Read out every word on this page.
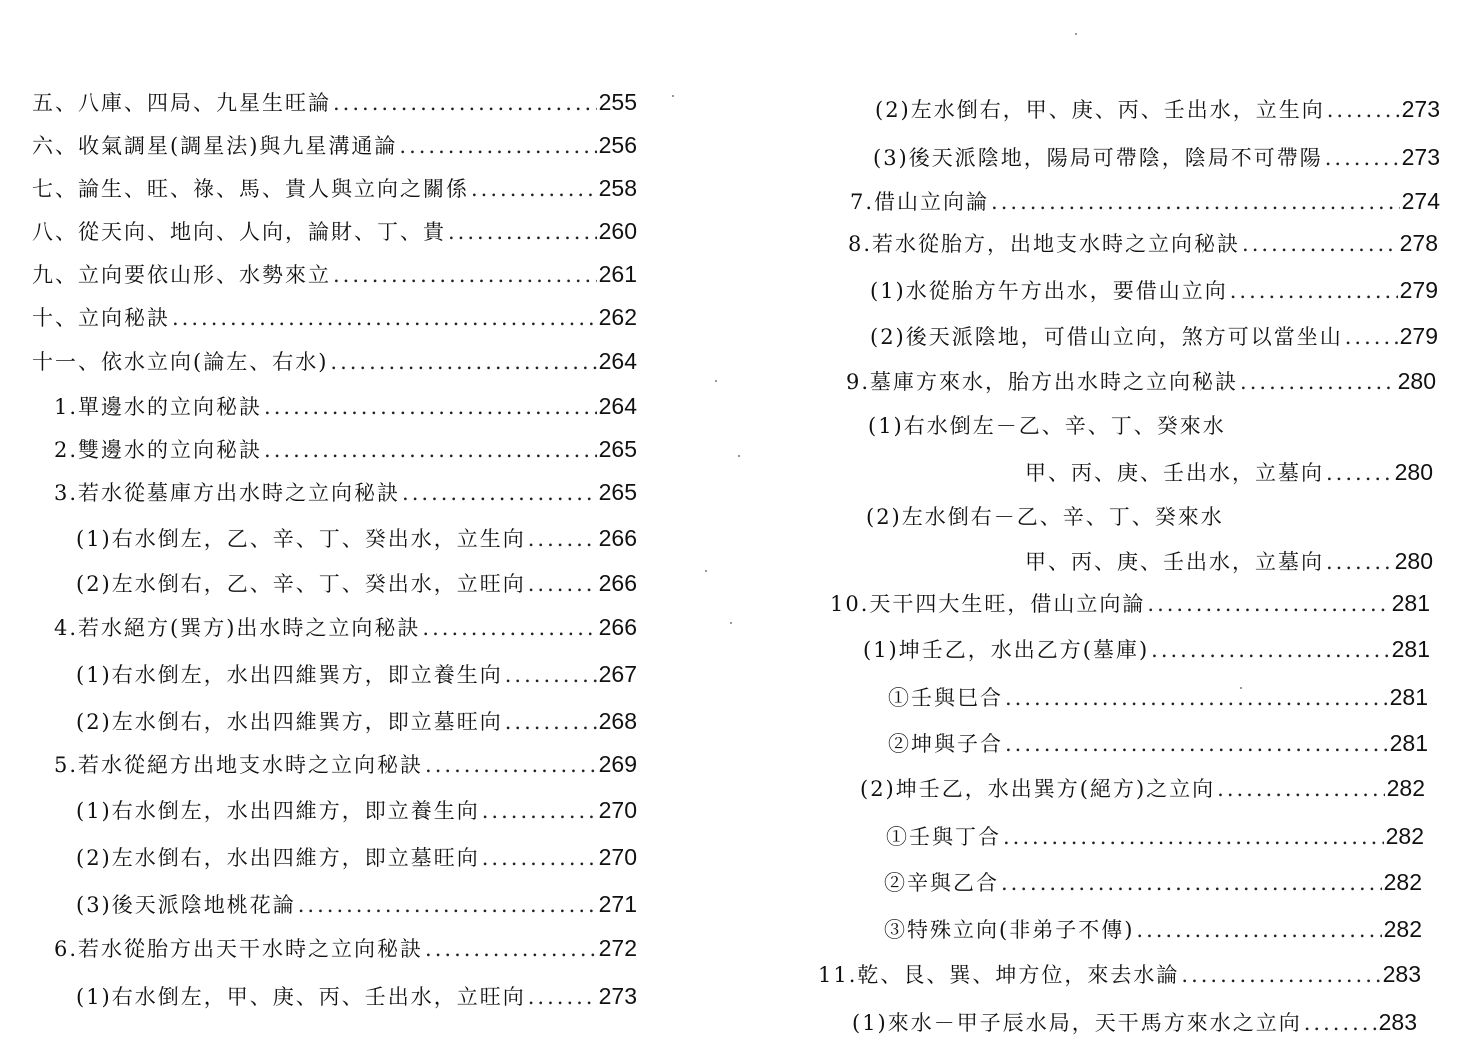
五、八庫、四局、九星生旺論 .....	255
六、收氣調星(調星法)與九星溝通論 .....	256
七、論生、旺、祿、馬、貴人與立向之關係 .....	258
八、從天向、地向、人向，論財、丁、貴 .....	260
九、立向要依山形、水勢來立 .....	261
十、立向秘訣 .....	262
十一、依水立向(論左、右水) .....	264
1.單邊水的立向秘訣 .....	264
2.雙邊水的立向秘訣 .....	265
3.若水從墓庫方出水時之立向秘訣 .....	265
(1)右水倒左，乙、辛、丁、癸出水，立生向 .....	266
(2)左水倒右，乙、辛、丁、癸出水，立旺向 .....	266
4.若水絕方(巽方)出水時之立向秘訣 .....	266
(1)右水倒左，水出四維巽方，即立養生向 .....	267
(2)左水倒右，水出四維巽方，即立墓旺向 .....	268
5.若水從絕方出地支水時之立向秘訣 .....	269
(1)右水倒左，水出四維方，即立養生向 .....	270
(2)左水倒右，水出四維方，即立墓旺向 .....	270
(3)後天派陰地桃花論 .....	271
6.若水從胎方出天干水時之立向秘訣 .....	272
(1)右水倒左，甲、庚、丙、壬出水，立旺向 .....	273
(2)左水倒右，甲、庚、丙、壬出水，立生向 .....	273
(3)後天派陰地，陽局可帶陰，陰局不可帶陽 .....	273
7.借山立向論 .....	274
8.若水從胎方，出地支水時之立向秘訣 .....	278
(1)水從胎方午方出水，要借山立向 .....	279
(2)後天派陰地，可借山立向，煞方可以當坐山 ..... 279
9.墓庫方來水，胎方出水時之立向秘訣 .....	280
(1)右水倒左－乙、辛、丁、癸來水
甲、丙、庚、壬出水，立墓向 .....	280
(2)左水倒右－乙、辛、丁、癸來水
甲、丙、庚、壬出水，立墓向 .....	280
10.天干四大生旺，借山立向論 .....	281
(1)坤壬乙，水出乙方(墓庫) .....	281
①壬與巳合 .....	281
②坤與子合 .....	281
(2)坤壬乙，水出巽方(絕方)之立向 .....	282
①壬與丁合 .....	282
②辛與乙合 .....	282
③特殊立向(非弟子不傳) .....	282
11.乾、艮、巽、坤方位，來去水論 .....	283
(1)來水－甲子辰水局，天干馬方來水之立向 .....	283
